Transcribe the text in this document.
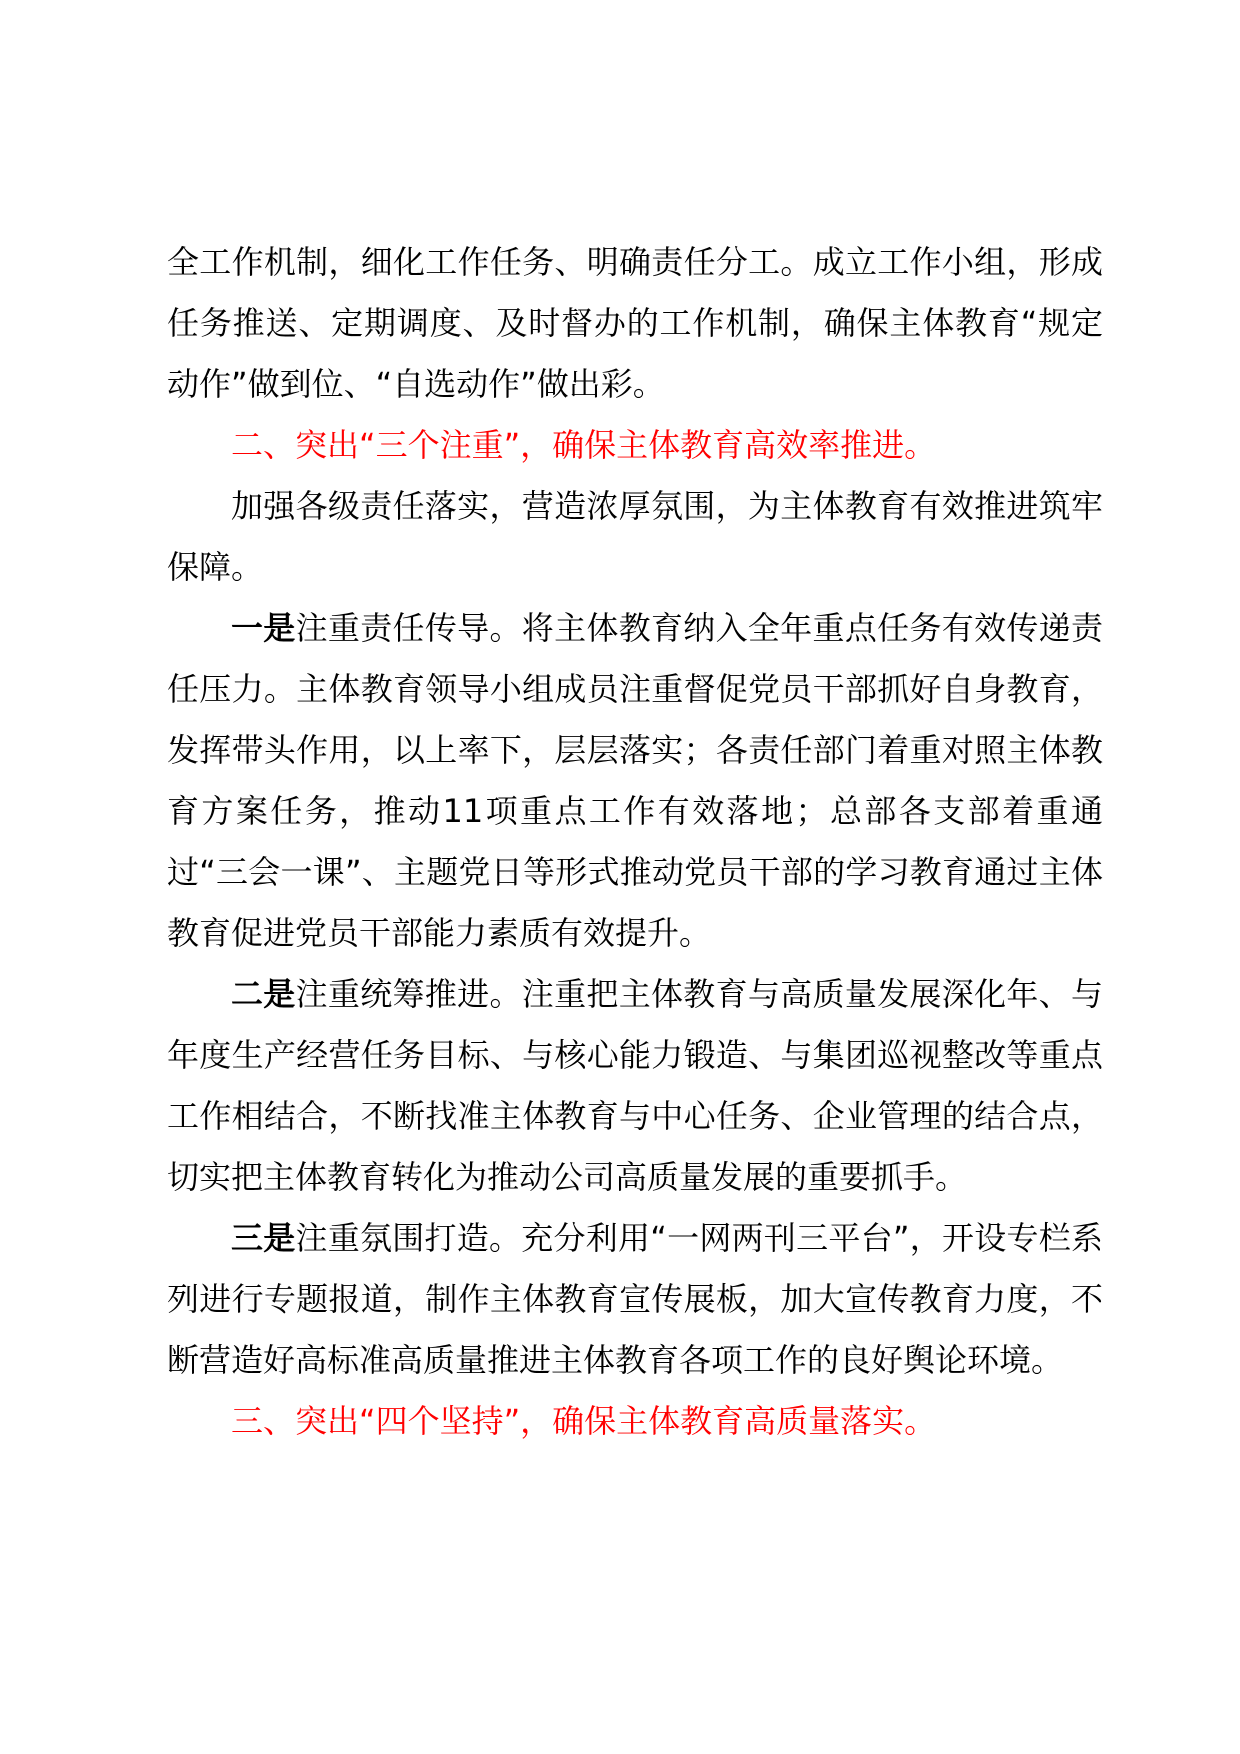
全工作机制，细化工作任务、明确责任分工。成立工作小组，形成任务推送、定期调度、及时督办的工作机制，确保主体教育“规定动作”做到位、“自选动作”做出彩。

二、突出“三个注重”，确保主体教育高效率推进。

加强各级责任落实，营造浓厚氛围，为主体教育有效推进筑牢保障。

一是注重责任传导。将主体教育纳入全年重点任务有效传递责任压力。主体教育领导小组成员注重督促党员干部抓好自身教育，发挥带头作用，以上率下，层层落实；各责任部门着重对照主体教育方案任务，推动11项重点工作有效落地；总部各支部着重通过“三会一课”、主题党日等形式推动党员干部的学习教育通过主体教育促进党员干部能力素质有效提升。

二是注重统筹推进。注重把主体教育与高质量发展深化年、与年度生产经营任务目标、与核心能力锻造、与集团巡视整改等重点工作相结合，不断找准主体教育与中心任务、企业管理的结合点，切实把主体教育转化为推动公司高质量发展的重要抓手。

三是注重氛围打造。充分利用“一网两刊三平台”，开设专栏系列进行专题报道，制作主体教育宣传展板，加大宣传教育力度，不断营造好高标准高质量推进主体教育各项工作的良好舆论环境。

三、突出“四个坚持”，确保主体教育高质量落实。
